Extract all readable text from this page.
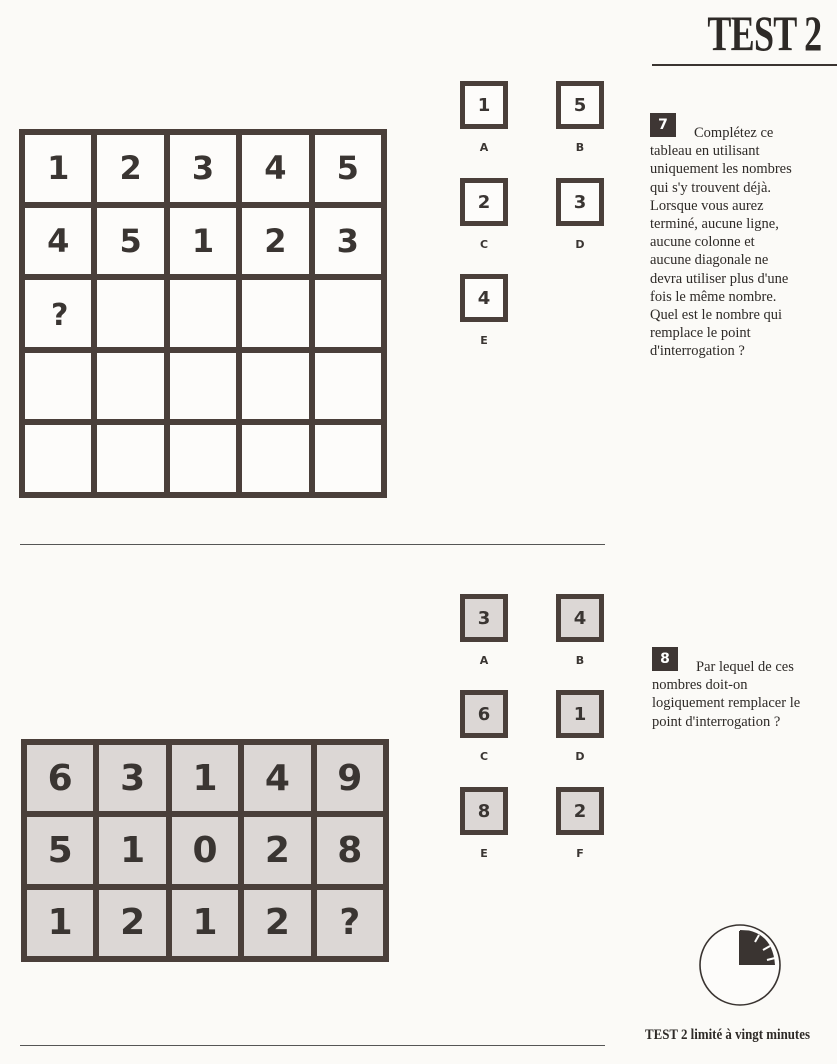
TEST 2
1	2	3	4	5
4	5	1	2	3
?
1
A
5
B
2
C
3
D
4
E
7	Complétez ce
tableau en utilisant
uniquement les nombres
qui s'y trouvent déjà.
Lorsque vous aurez
terminé, aucune ligne,
aucune colonne et
aucune diagonale ne
devra utiliser plus d'une
fois le même nombre.
Quel est le nombre qui
remplace le point
d'interrogation ?
6	3	1	4	9
5	1	0	2	8
1	2	1	2	?
3
A
4
B
6
C
1
D
8
E
2
F
8	Par lequel de ces
nombres doit-on
logiquement remplacer le
point d'interrogation ?
TEST 2 limité à vingt minutes
